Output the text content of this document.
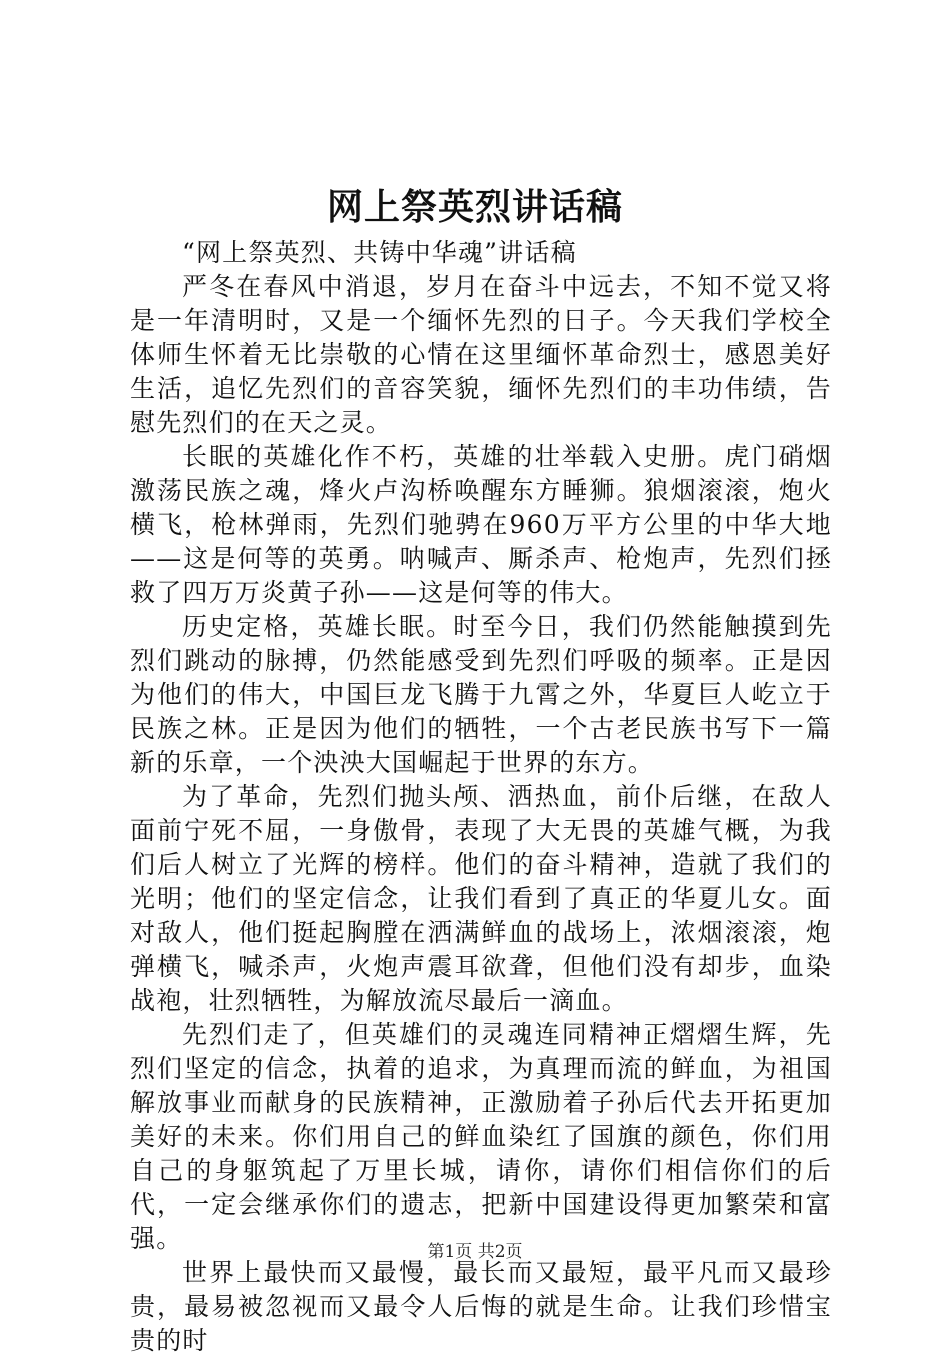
网上祭英烈讲话稿

“网上祭英烈、共铸中华魂”讲话稿

严冬在春风中消退，岁月在奋斗中远去，不知不觉又将是一年清明时，又是一个缅怀先烈的日子。今天我们学校全体师生怀着无比崇敬的心情在这里缅怀革命烈士，感恩美好生活，追忆先烈们的音容笑貌，缅怀先烈们的丰功伟绩，告慰先烈们的在天之灵。

长眠的英雄化作不朽，英雄的壮举载入史册。虎门硝烟激荡民族之魂，烽火卢沟桥唤醒东方睡狮。狼烟滚滚，炮火横飞，枪林弹雨，先烈们驰骋在960万平方公里的中华大地——这是何等的英勇。呐喊声、厮杀声、枪炮声，先烈们拯救了四万万炎黄子孙——这是何等的伟大。

历史定格，英雄长眠。时至今日，我们仍然能触摸到先烈们跳动的脉搏，仍然能感受到先烈们呼吸的频率。正是因为他们的伟大，中国巨龙飞腾于九霄之外，华夏巨人屹立于民族之林。正是因为他们的牺牲，一个古老民族书写下一篇新的乐章，一个泱泱大国崛起于世界的东方。

为了革命，先烈们抛头颅、洒热血，前仆后继，在敌人面前宁死不屈，一身傲骨，表现了大无畏的英雄气概，为我们后人树立了光辉的榜样。他们的奋斗精神，造就了我们的光明；他们的坚定信念，让我们看到了真正的华夏儿女。面对敌人，他们挺起胸膛在洒满鲜血的战场上，浓烟滚滚，炮弹横飞，喊杀声，火炮声震耳欲聋，但他们没有却步，血染战袍，壮烈牺牲，为解放流尽最后一滴血。

先烈们走了，但英雄们的灵魂连同精神正熠熠生辉，先烈们坚定的信念，执着的追求，为真理而流的鲜血，为祖国解放事业而献身的民族精神，正激励着子孙后代去开拓更加美好的未来。你们用自己的鲜血染红了国旗的颜色，你们用自己的身躯筑起了万里长城，请你，请你们相信你们的后代，一定会继承你们的遗志，把新中国建设得更加繁荣和富强。

世界上最快而又最慢，最长而又最短，最平凡而又最珍贵，最易被忽视而又最令人后悔的就是生命。让我们珍惜宝贵的时

第1页 共2页
